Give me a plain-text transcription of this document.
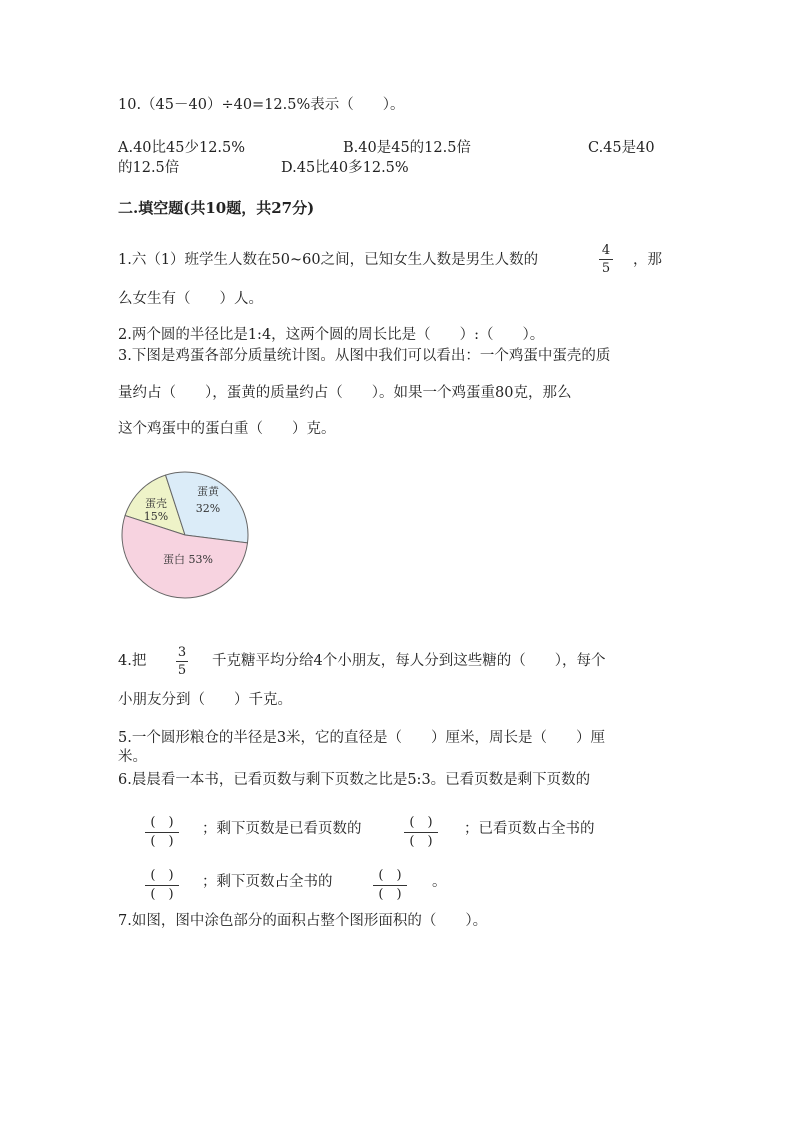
10.（45－40）÷40=12.5%表示（　　）。
A.40比45少12.5%	B.40是45的12.5倍	C.45是40
的12.5倍	D.45比40多12.5%
二.填空题(共10题，共27分)
1.六（1）班学生人数在50~60之间，已知女生人数是男生人数的
4
5
，那
么女生有（　　）人。
2.两个圆的半径比是1:4，这两个圆的周长比是（　　）:（　　）。
3.下图是鸡蛋各部分质量统计图。从图中我们可以看出：一个鸡蛋中蛋壳的质
量约占（　　），蛋黄的质量约占（　　）。如果一个鸡蛋重80克，那么
这个鸡蛋中的蛋白重（　　）克。
蛋壳
15%
蛋黄
32%
蛋白 53%
4.把
3
5
千克糖平均分给4个小朋友，每人分到这些糖的（　　），每个
小朋友分到（　　）千克。
5.一个圆形粮仓的半径是3米，它的直径是（　　）厘米，周长是（　　）厘
米。
6.晨晨看一本书，已看页数与剩下页数之比是5:3。已看页数是剩下页数的
(　)
(　)
；剩下页数是已看页数的	(　)
(　)
；已看页数占全书的
(　)
(　)
；剩下页数占全书的	(　)
(　)
。
7.如图，图中涂色部分的面积占整个图形面积的（　　）。
